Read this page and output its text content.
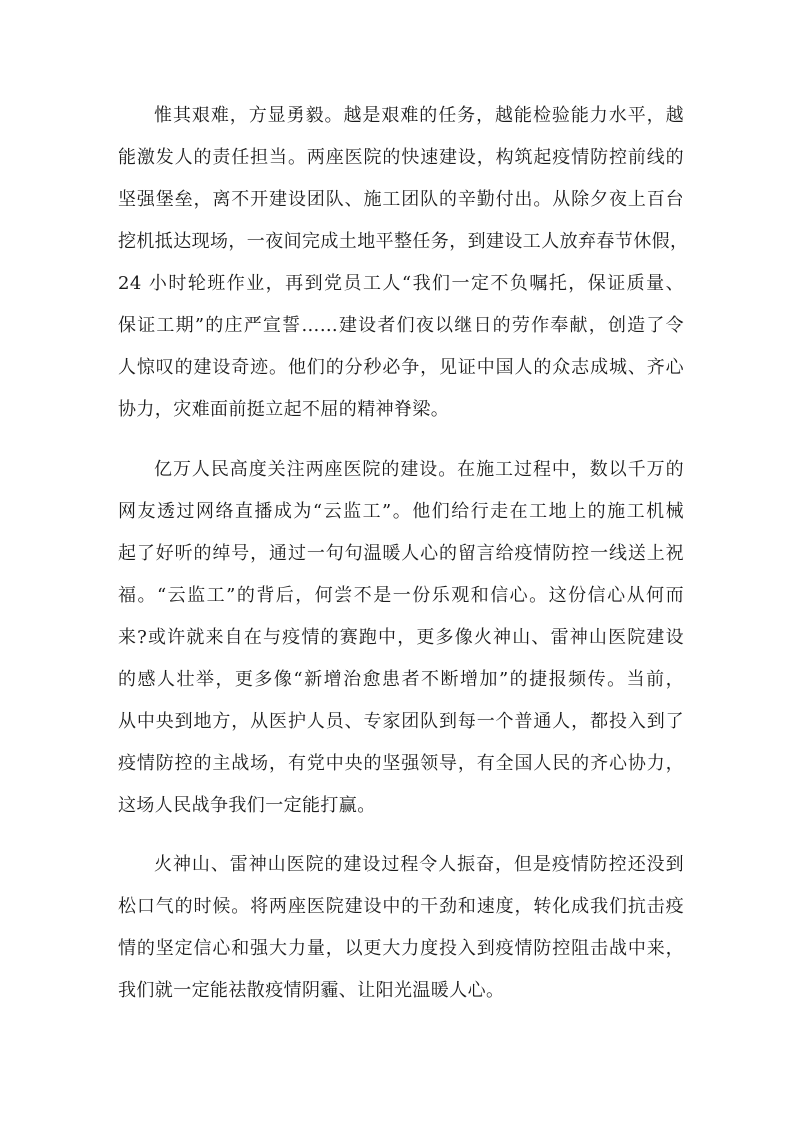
惟其艰难，方显勇毅。越是艰难的任务，越能检验能力水平，越
能激发人的责任担当。两座医院的快速建设，构筑起疫情防控前线的
坚强堡垒，离不开建设团队、施工团队的辛勤付出。从除夕夜上百台
挖机抵达现场，一夜间完成土地平整任务，到建设工人放弃春节休假，
24 小时轮班作业，再到党员工人“我们一定不负嘱托，保证质量、
保证工期”的庄严宣誓……建设者们夜以继日的劳作奉献，创造了令
人惊叹的建设奇迹。他们的分秒必争，见证中国人的众志成城、齐心
协力，灾难面前挺立起不屈的精神脊梁。
亿万人民高度关注两座医院的建设。在施工过程中，数以千万的
网友透过网络直播成为“云监工”。他们给行走在工地上的施工机械
起了好听的绰号，通过一句句温暖人心的留言给疫情防控一线送上祝
福。“云监工”的背后，何尝不是一份乐观和信心。这份信心从何而
来?或许就来自在与疫情的赛跑中，更多像火神山、雷神山医院建设
的感人壮举，更多像“新增治愈患者不断增加”的捷报频传。当前，
从中央到地方，从医护人员、专家团队到每一个普通人，都投入到了
疫情防控的主战场，有党中央的坚强领导，有全国人民的齐心协力，
这场人民战争我们一定能打赢。
火神山、雷神山医院的建设过程令人振奋，但是疫情防控还没到
松口气的时候。将两座医院建设中的干劲和速度，转化成我们抗击疫
情的坚定信心和强大力量，以更大力度投入到疫情防控阻击战中来，
我们就一定能祛散疫情阴霾、让阳光温暖人心。
